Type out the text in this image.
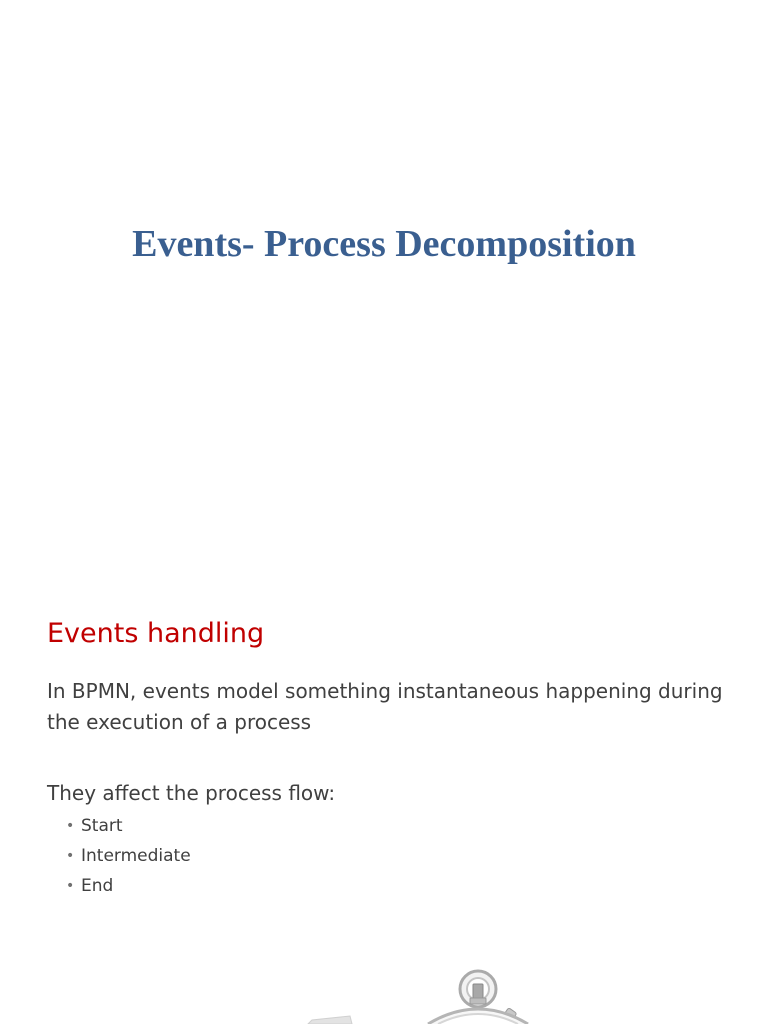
Events- Process Decomposition
Events handling

In BPMN, events model something instantaneous happening during the execution of a process

They affect the process flow:

• Start
• Intermediate
• End
